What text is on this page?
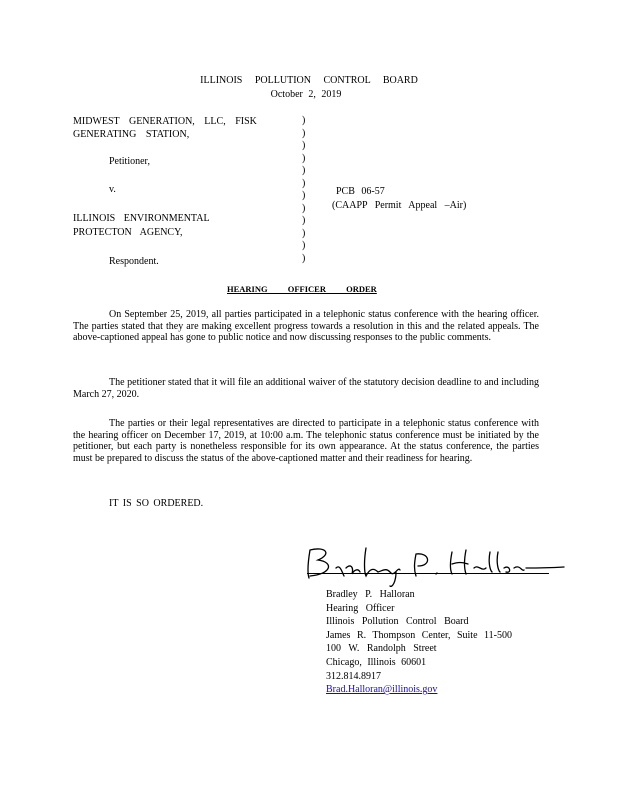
ILLINOIS POLLUTION CONTROL BOARD
October 2, 2019
MIDWEST GENERATION, LLC, FISK
GENERATING STATION,
Petitioner,
v.
ILLINOIS ENVIRONMENTAL
PROTECTON AGENCY,
Respondent.
)
)
)
)
)
)
)
)
)
)
)
)
PCB 06-57
(CAAPP Permit Appeal –Air)
HEARING OFFICER ORDER
On September 25, 2019, all parties participated in a telephonic status conference with the hearing officer. The parties stated that they are making excellent progress towards a resolution in this and the related appeals. The above-captioned appeal has gone to public notice and now discussing responses to the public comments.
The petitioner stated that it will file an additional waiver of the statutory decision deadline to and including March 27, 2020.
The parties or their legal representatives are directed to participate in a telephonic status conference with the hearing officer on December 17, 2019, at 10:00 a.m. The telephonic status conference must be initiated by the petitioner, but each party is nonetheless responsible for its own appearance. At the status conference, the parties must be prepared to discuss the status of the above-captioned matter and their readiness for hearing.
IT IS SO ORDERED.
Bradley P. Halloran
Hearing Officer
Illinois Pollution Control Board
James R. Thompson Center, Suite 11-500
100 W. Randolph Street
Chicago, Illinois 60601
312.814.8917
Brad.Halloran@illinois.gov
